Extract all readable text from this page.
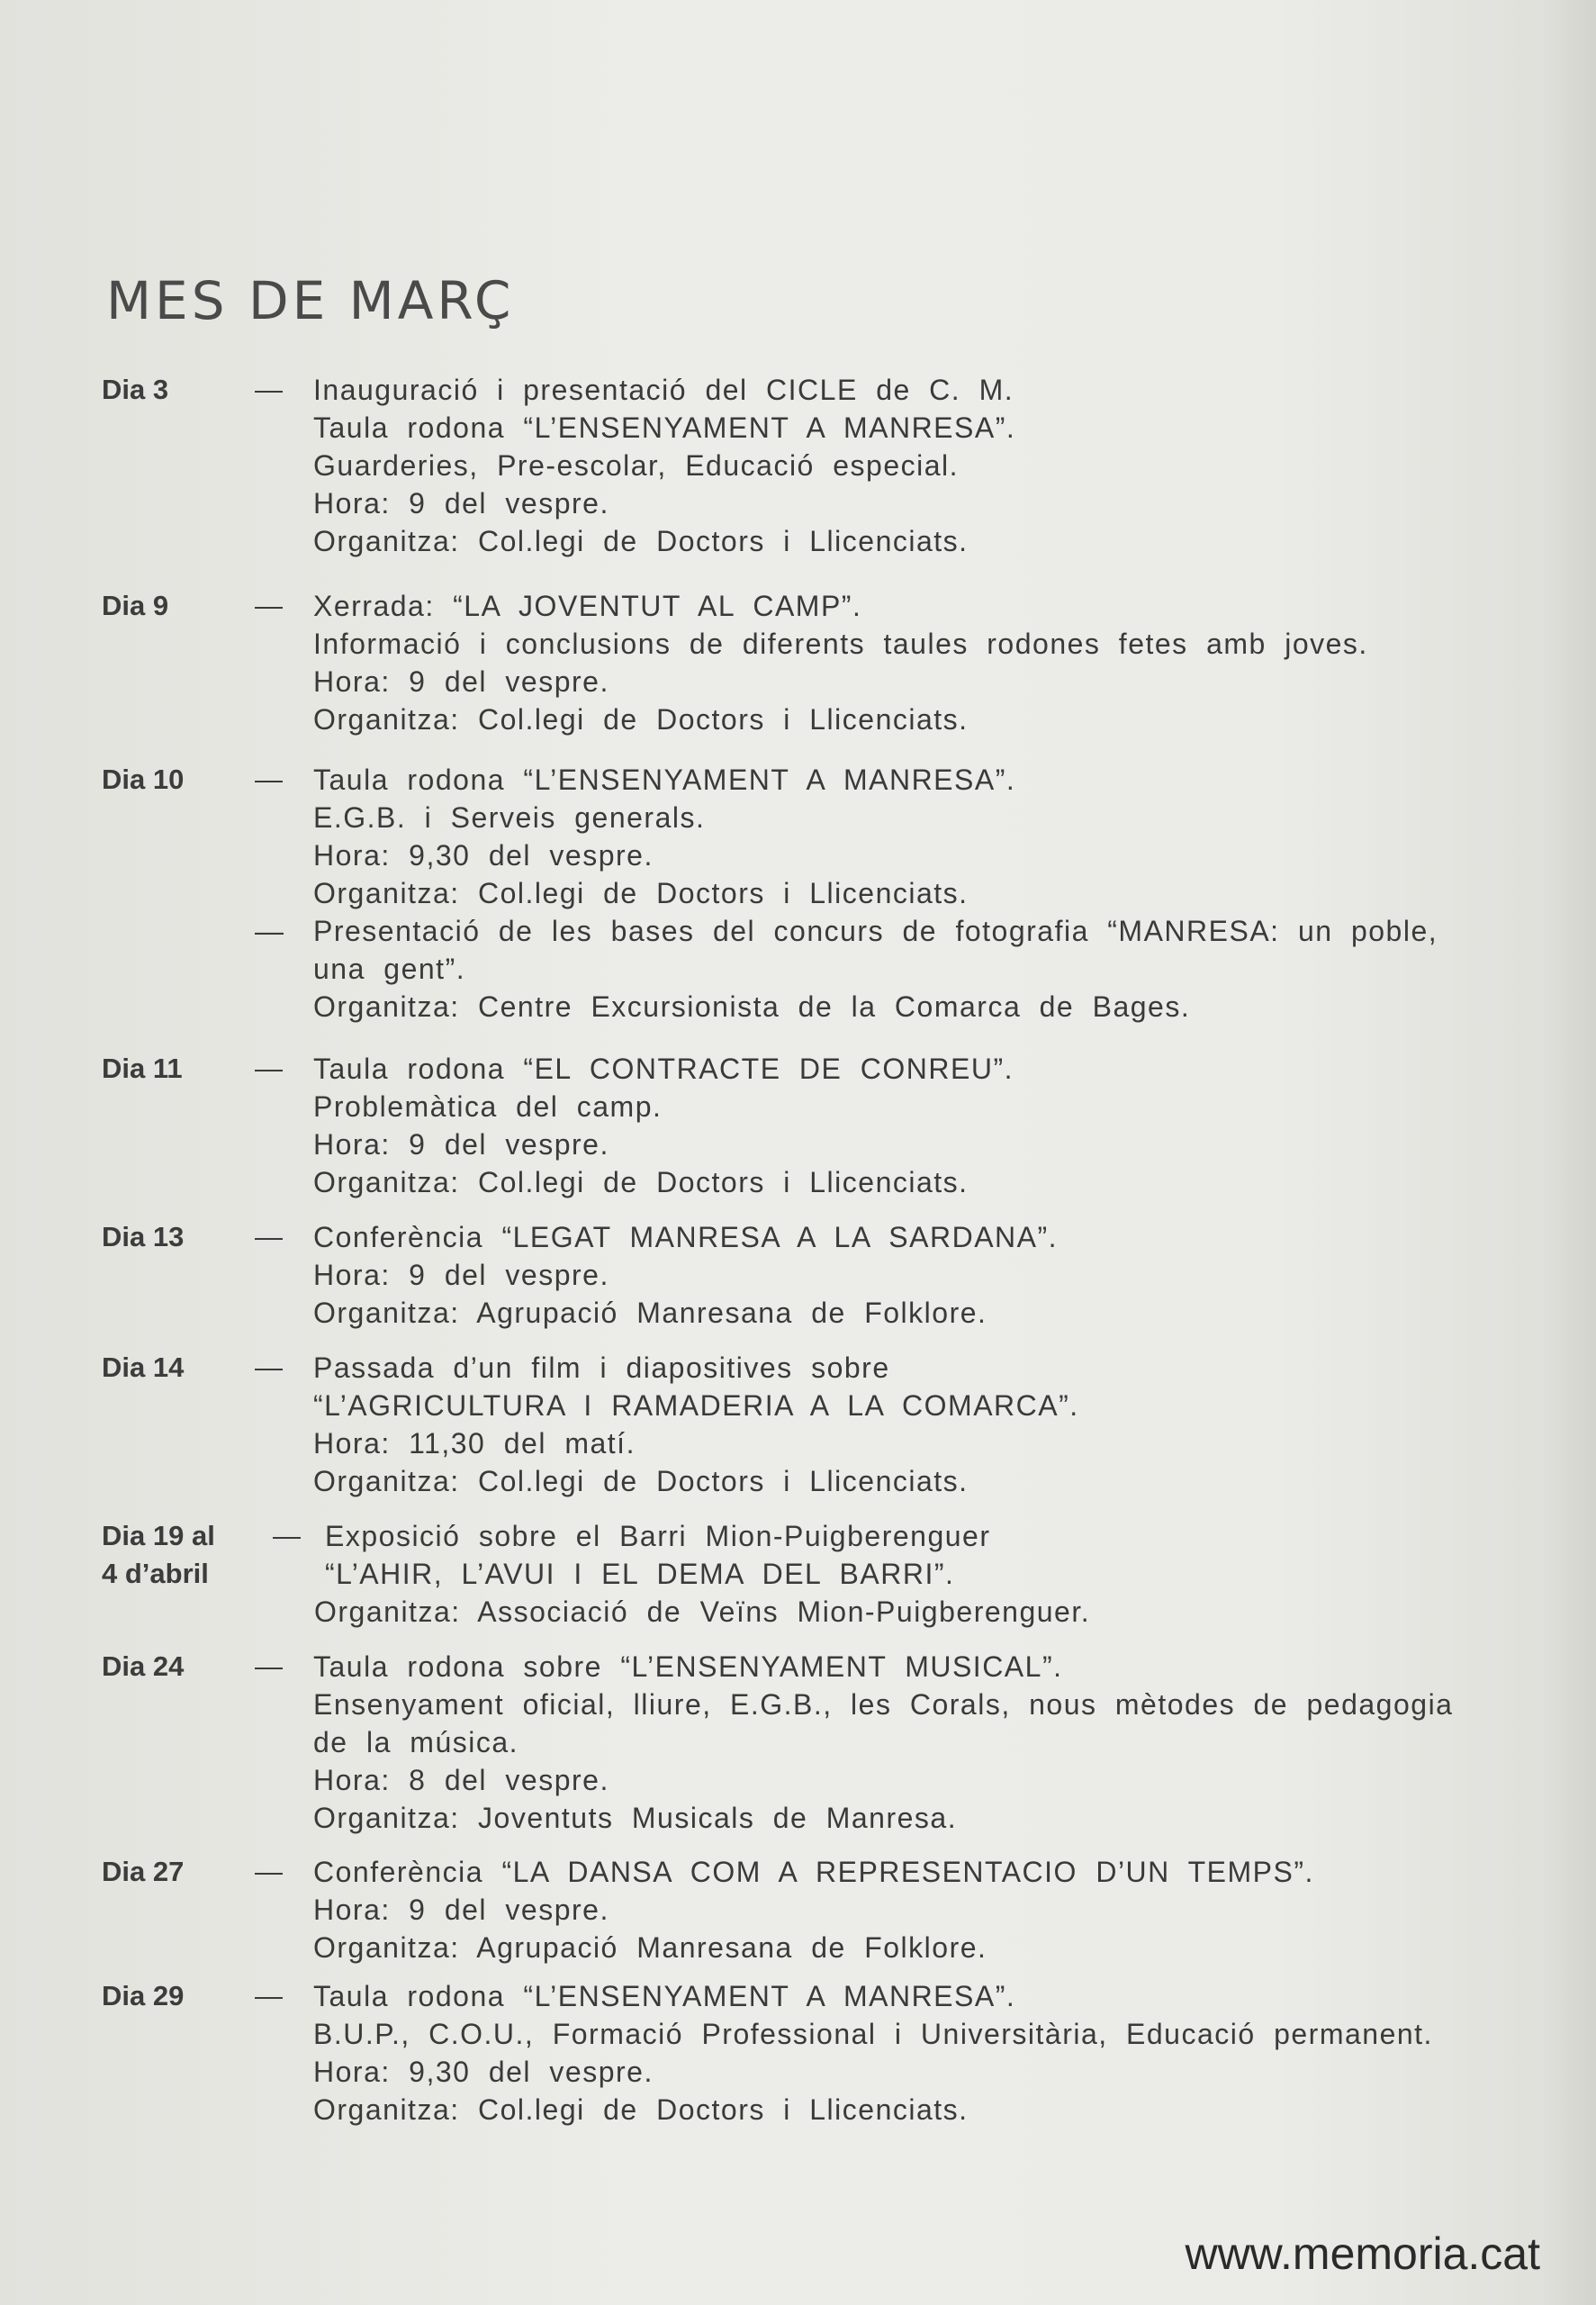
MES DE MARÇ
Dia 3	—	Inauguració i presentació del CICLE de C. M.
Taula rodona “L’ENSENYAMENT A MANRESA”.
Guarderies, Pre-escolar, Educació especial.
Hora: 9 del vespre.
Organitza: Col.legi de Doctors i Llicenciats.
Dia 9	—	Xerrada: “LA JOVENTUT AL CAMP”.
Informació i conclusions de diferents taules rodones fetes amb joves.
Hora: 9 del vespre.
Organitza: Col.legi de Doctors i Llicenciats.
Dia 10	—	Taula rodona “L’ENSENYAMENT A MANRESA”.
E.G.B. i Serveis generals.
Hora: 9,30 del vespre.
Organitza: Col.legi de Doctors i Llicenciats.
— Presentació de les bases del concurs de fotografia “MANRESA: un poble,
una gent”.
Organitza: Centre Excursionista de la Comarca de Bages.
Dia 11	—	Taula rodona “EL CONTRACTE DE CONREU”.
Problemàtica del camp.
Hora: 9 del vespre.
Organitza: Col.legi de Doctors i Llicenciats.
Dia 13	—	Conferència “LEGAT MANRESA A LA SARDANA”.
Hora: 9 del vespre.
Organitza: Agrupació Manresana de Folklore.
Dia 14	—	Passada d’un film i diapositives sobre
“L’AGRICULTURA I RAMADERIA A LA COMARCA”.
Hora: 11,30 del matí.
Organitza: Col.legi de Doctors i Llicenciats.
Dia 19 al
4 d’abril
— Exposició sobre el Barri Mion-Puigberenguer
“L’AHIR, L’AVUI I EL DEMA DEL BARRI”.
Organitza: Associació de Veïns Mion-Puigberenguer.
Dia 24	—	Taula rodona sobre “L’ENSENYAMENT MUSICAL”.
Ensenyament oficial, lliure, E.G.B., les Corals, nous mètodes de pedagogia
de la música.
Hora: 8 del vespre.
Organitza: Joventuts Musicals de Manresa.
Dia 27	—	Conferència “LA DANSA COM A REPRESENTACIO D’UN TEMPS”.
Hora: 9 del vespre.
Organitza: Agrupació Manresana de Folklore.
Dia 29	—	Taula rodona “L’ENSENYAMENT A MANRESA”.
B.U.P., C.O.U., Formació Professional i Universitària, Educació permanent.
Hora: 9,30 del vespre.
Organitza: Col.legi de Doctors i Llicenciats.
www.memoria.cat
